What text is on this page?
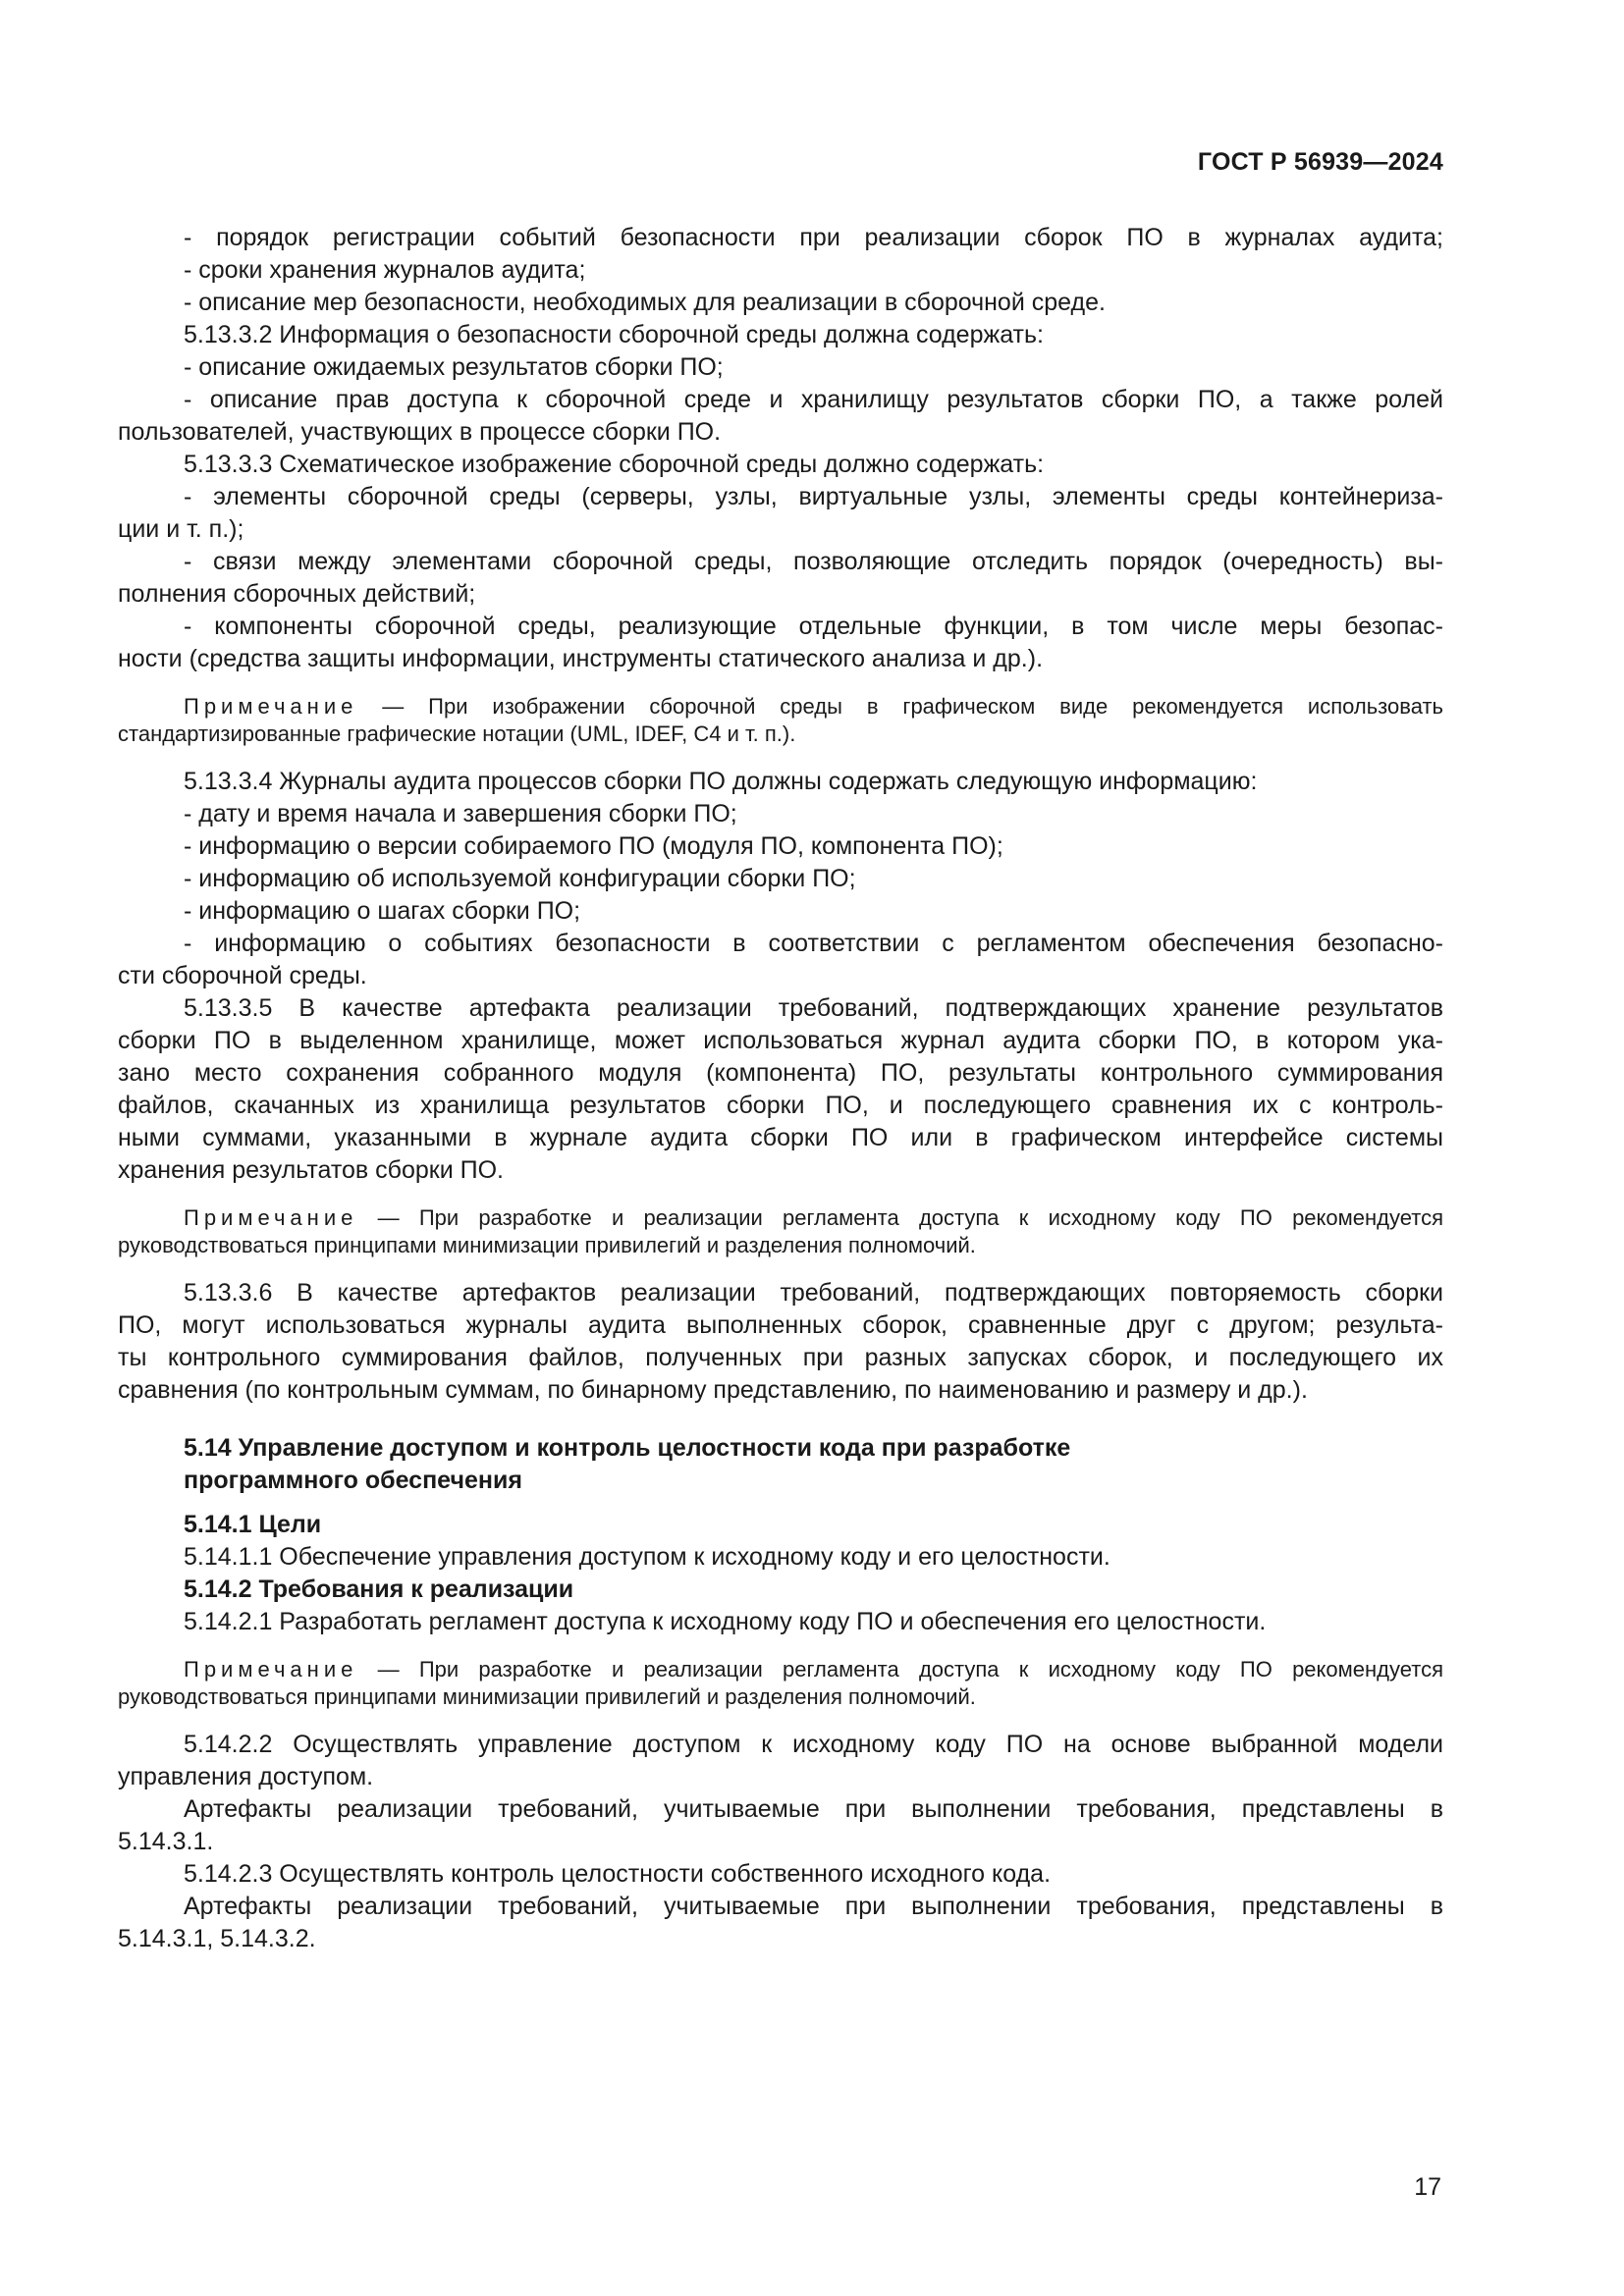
ГОСТ Р 56939—2024

- порядок регистрации событий безопасности при реализации сборок ПО в журналах аудита;

- сроки хранения журналов аудита;

- описание мер безопасности, необходимых для реализации в сборочной среде.

5.13.3.2 Информация о безопасности сборочной среды должна содержать:

- описание ожидаемых результатов сборки ПО;

- описание прав доступа к сборочной среде и хранилищу результатов сборки ПО, а также ролей

пользователей, участвующих в процессе сборки ПО.

5.13.3.3 Схематическое изображение сборочной среды должно содержать:

- элементы сборочной среды (серверы, узлы, виртуальные узлы, элементы среды контейнериза-

ции и т. п.);

- связи между элементами сборочной среды, позволяющие отследить порядок (очередность) вы-

полнения сборочных действий;

- компоненты сборочной среды, реализующие отдельные функции, в том числе меры безопас-

ности (средства защиты информации, инструменты статического анализа и др.).

Примечание — При изображении сборочной среды в графическом виде рекомендуется использовать

стандартизированные графические нотации (UML, IDEF, C4 и т. п.).

5.13.3.4 Журналы аудита процессов сборки ПО должны содержать следующую информацию:

- дату и время начала и завершения сборки ПО;

- информацию о версии собираемого ПО (модуля ПО, компонента ПО);

- информацию об используемой конфигурации сборки ПО;

- информацию о шагах сборки ПО;

- информацию о событиях безопасности в соответствии с регламентом обеспечения безопасно-

сти сборочной среды.

5.13.3.5 В качестве артефакта реализации требований, подтверждающих хранение результатов

сборки ПО в выделенном хранилище, может использоваться журнал аудита сборки ПО, в котором ука-

зано место сохранения собранного модуля (компонента) ПО, результаты контрольного суммирования

файлов, скачанных из хранилища результатов сборки ПО, и последующего сравнения их с контроль-

ными суммами, указанными в журнале аудита сборки ПО или в графическом интерфейсе системы

хранения результатов сборки ПО.

Примечание — При разработке и реализации регламента доступа к исходному коду ПО рекомендуется

руководствоваться принципами минимизации привилегий и разделения полномочий.

5.13.3.6 В качестве артефактов реализации требований, подтверждающих повторяемость сборки

ПО, могут использоваться журналы аудита выполненных сборок, сравненные друг с другом; результа-

ты контрольного суммирования файлов, полученных при разных запусках сборок, и последующего их

сравнения (по контрольным суммам, по бинарному представлению, по наименованию и размеру и др.).

5.14 Управление доступом и контроль целостности кода при разработке

программного обеспечения

5.14.1 Цели

5.14.1.1 Обеспечение управления доступом к исходному коду и его целостности.

5.14.2 Требования к реализации

5.14.2.1 Разработать регламент доступа к исходному коду ПО и обеспечения его целостности.

Примечание — При разработке и реализации регламента доступа к исходному коду ПО рекомендуется

руководствоваться принципами минимизации привилегий и разделения полномочий.

5.14.2.2 Осуществлять управление доступом к исходному коду ПО на основе выбранной модели

управления доступом.

Артефакты реализации требований, учитываемые при выполнении требования, представлены в

5.14.3.1.

5.14.2.3 Осуществлять контроль целостности собственного исходного кода.

Артефакты реализации требований, учитываемые при выполнении требования, представлены в

5.14.3.1, 5.14.3.2.

17
